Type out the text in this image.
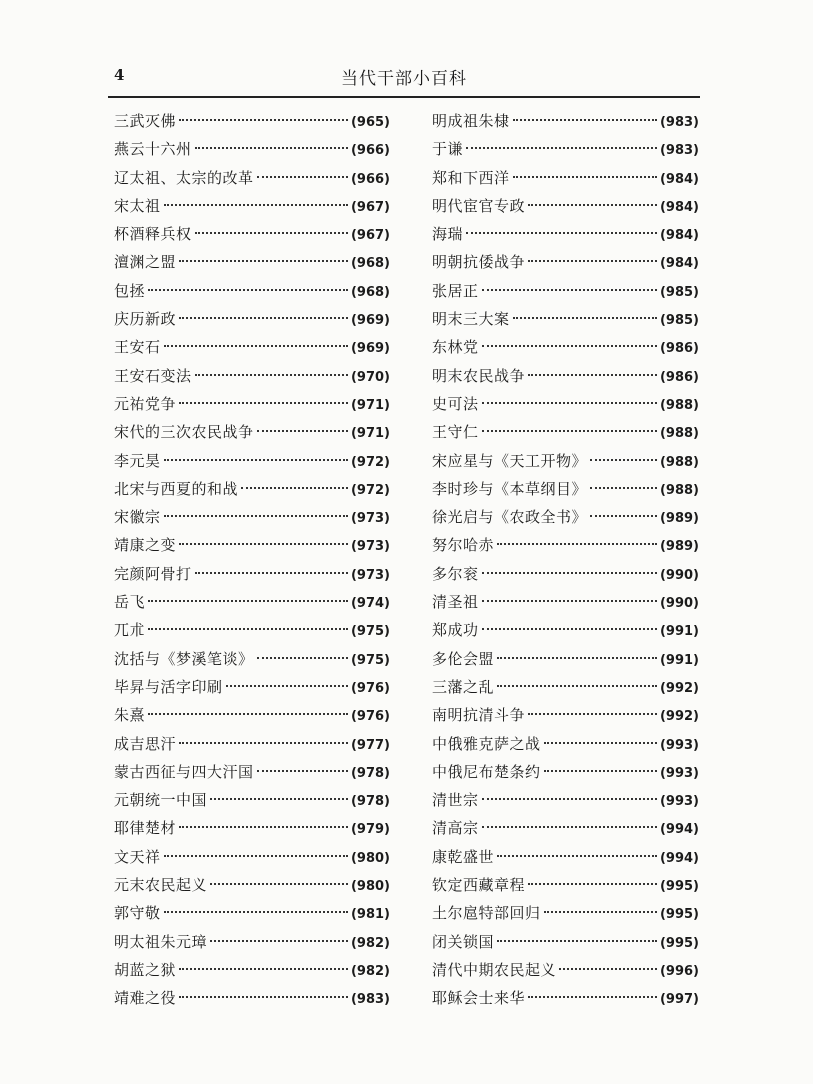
4	当代干部小百科
三武灭佛	(965)
燕云十六州	(966)
辽太祖、太宗的改革	(966)
宋太祖	(967)
杯酒释兵权	(967)
澶渊之盟	(968)
包拯	(968)
庆历新政	(969)
王安石	(969)
王安石变法	(970)
元祐党争	(971)
宋代的三次农民战争	(971)
李元昊	(972)
北宋与西夏的和战	(972)
宋徽宗	(973)
靖康之变	(973)
完颜阿骨打	(973)
岳飞	(974)
兀朮	(975)
沈括与《梦溪笔谈》	(975)
毕昇与活字印刷	(976)
朱熹	(976)
成吉思汗	(977)
蒙古西征与四大汗国	(978)
元朝统一中国	(978)
耶律楚材	(979)
文天祥	(980)
元末农民起义	(980)
郭守敬	(981)
明太祖朱元璋	(982)
胡蓝之狱	(982)
靖难之役	(983)
明成祖朱棣	(983)
于谦	(983)
郑和下西洋	(984)
明代宦官专政	(984)
海瑞	(984)
明朝抗倭战争	(984)
张居正	(985)
明末三大案	(985)
东林党	(986)
明末农民战争	(986)
史可法	(988)
王守仁	(988)
宋应星与《天工开物》	(988)
李时珍与《本草纲目》	(988)
徐光启与《农政全书》	(989)
努尔哈赤	(989)
多尔衮	(990)
清圣祖	(990)
郑成功	(991)
多伦会盟	(991)
三藩之乱	(992)
南明抗清斗争	(992)
中俄雅克萨之战	(993)
中俄尼布楚条约	(993)
清世宗	(993)
清高宗	(994)
康乾盛世	(994)
钦定西藏章程	(995)
土尔扈特部回归	(995)
闭关锁国	(995)
清代中期农民起义	(996)
耶稣会士来华	(997)
